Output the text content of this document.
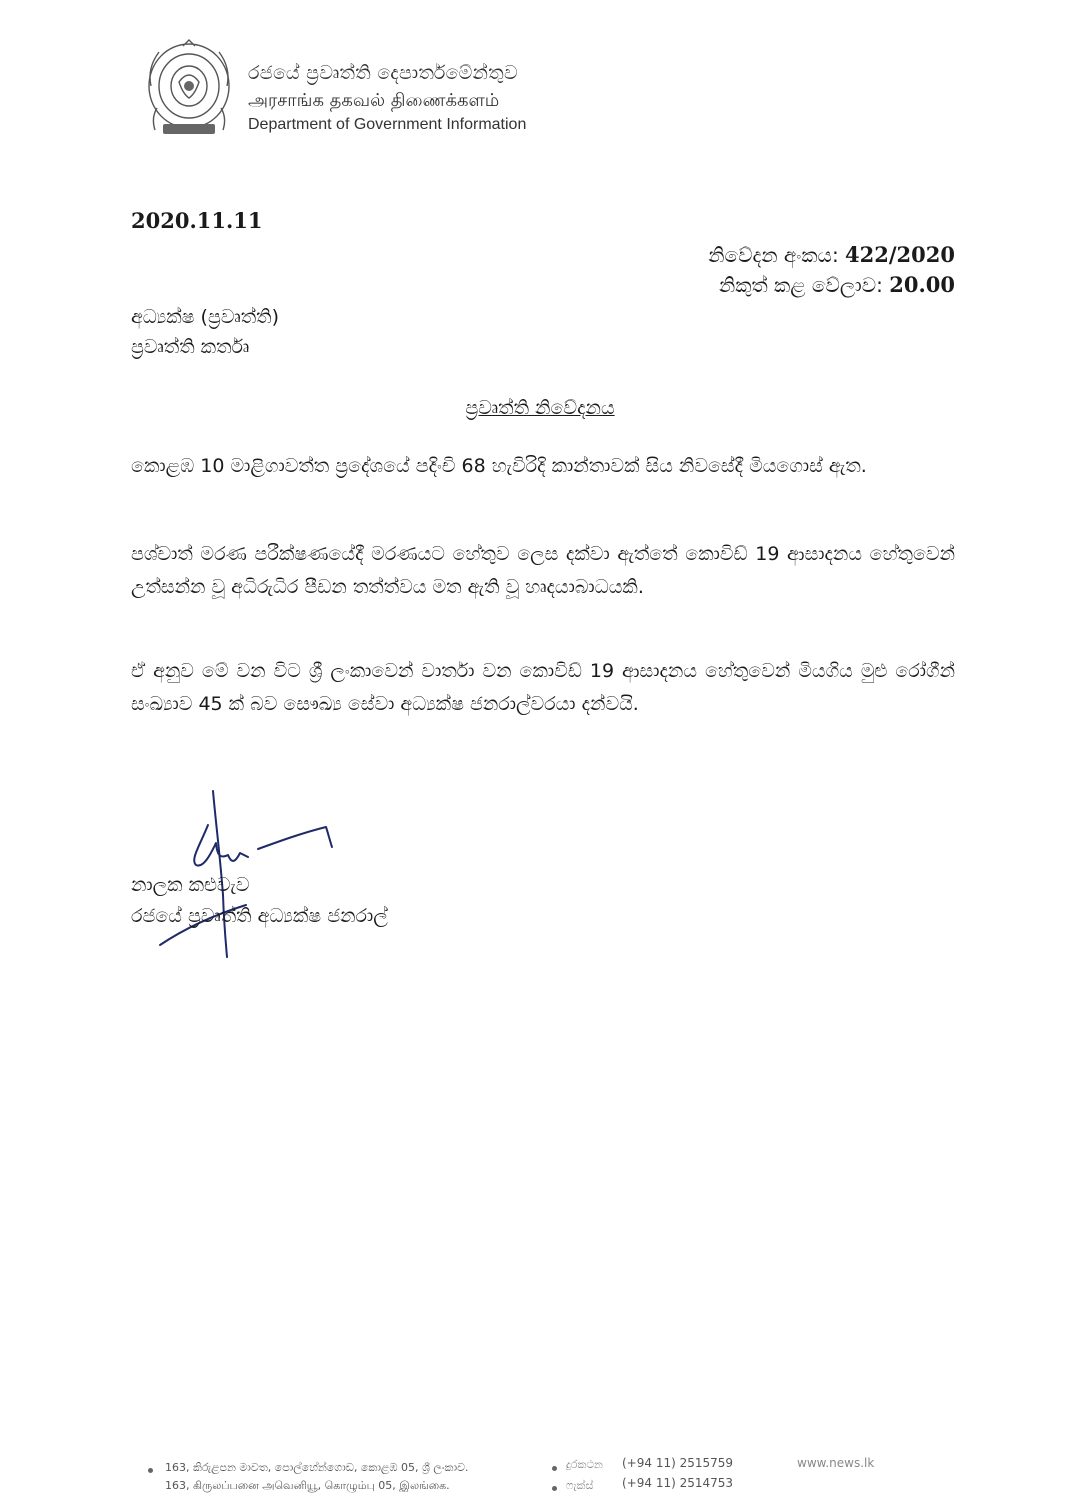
රජයේ ප්‍රවෘත්ති දෙපාර්තමේන්තුව
அரசாங்க தகவல் திணைக்களம்
Department of Government Information
2020.11.11
නිවේදන අංකය: 422/2020
නිකුත් කළ වේලාව: 20.00
අධ්‍යක්ෂ (ප්‍රවෘත්ති)
ප්‍රවෘත්ති කර්තෘ
ප්‍රවෘත්ති නිවේදනය
කොළඹ 10 මාළිගාවත්ත ප්‍රදේශයේ පදිංචි 68 හැවිරිදි කාන්තාවක් සිය නිවසේදී මියගොස් ඇත.
පශ්චාත් මරණ පරීක්ෂණයේදී මරණයට හේතුව ලෙස දක්වා ඇත්තේ කොවිඩ් 19 ආසාදනය හේතුවෙන් උත්සන්න වූ අධිරුධිර පීඩන තත්ත්වය මත ඇති වූ හෘදයාබාධයකි.
ඒ අනුව මේ වන විට ශ්‍රී ලංකාවෙන් වාර්තා වන කොවිඩ් 19 ආසාදනය හේතුවෙන් මියගිය මුළු රෝගීන් සංඛ්‍යාව 45 ක් බව සෞඛ්‍ය සේවා අධ්‍යක්ෂ ජනරාල්වරයා දන්වයි.
නාලක කළුවැව
රජයේ ප්‍රවෘත්ති අධ්‍යක්ෂ ජනරාල්
163, කිරුළපන මාවත, පොල්හේන්ගොඩ, කොළඹ 05, ශ්‍රී ලංකාව.
163, கிருலப்பனை அவெனியூ, கொழும்பு 05, இலங்கை.
දුරකථන (+94 11) 2515759
ෆැක්ස් (+94 11) 2514753
www.news.lk
